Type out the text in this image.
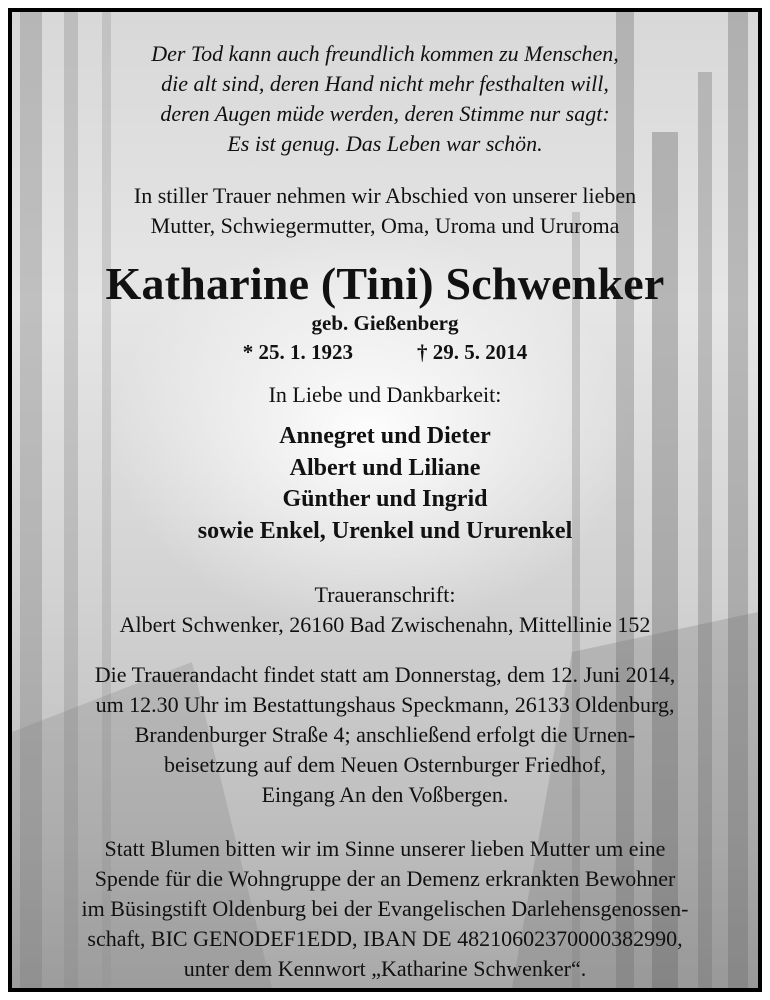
Der Tod kann auch freundlich kommen zu Menschen,
die alt sind, deren Hand nicht mehr festhalten will,
deren Augen müde werden, deren Stimme nur sagt:
Es ist genug. Das Leben war schön.
In stiller Trauer nehmen wir Abschied von unserer lieben
Mutter, Schwiegermutter, Oma, Uroma und Ururoma
Katharine (Tini) Schwenker
geb. Gießenberg
* 25. 1. 1923	† 29. 5. 2014
In Liebe und Dankbarkeit:
Annegret und Dieter
Albert und Liliane
Günther und Ingrid
sowie Enkel, Urenkel und Ururenkel
Traueranschrift:
Albert Schwenker, 26160 Bad Zwischenahn, Mittellinie 152
Die Trauerandacht findet statt am Donnerstag, dem 12. Juni 2014,
um 12.30 Uhr im Bestattungshaus Speckmann, 26133 Oldenburg,
Brandenburger Straße 4; anschließend erfolgt die Urnen-
beisetzung auf dem Neuen Osternburger Friedhof,
Eingang An den Voßbergen.
Statt Blumen bitten wir im Sinne unserer lieben Mutter um eine
Spende für die Wohngruppe der an Demenz erkrankten Bewohner
im Büsingstift Oldenburg bei der Evangelischen Darlehensgenossen-
schaft, BIC GENODEF1EDD, IBAN DE 48210602370000382990,
unter dem Kennwort „Katharine Schwenker“.
